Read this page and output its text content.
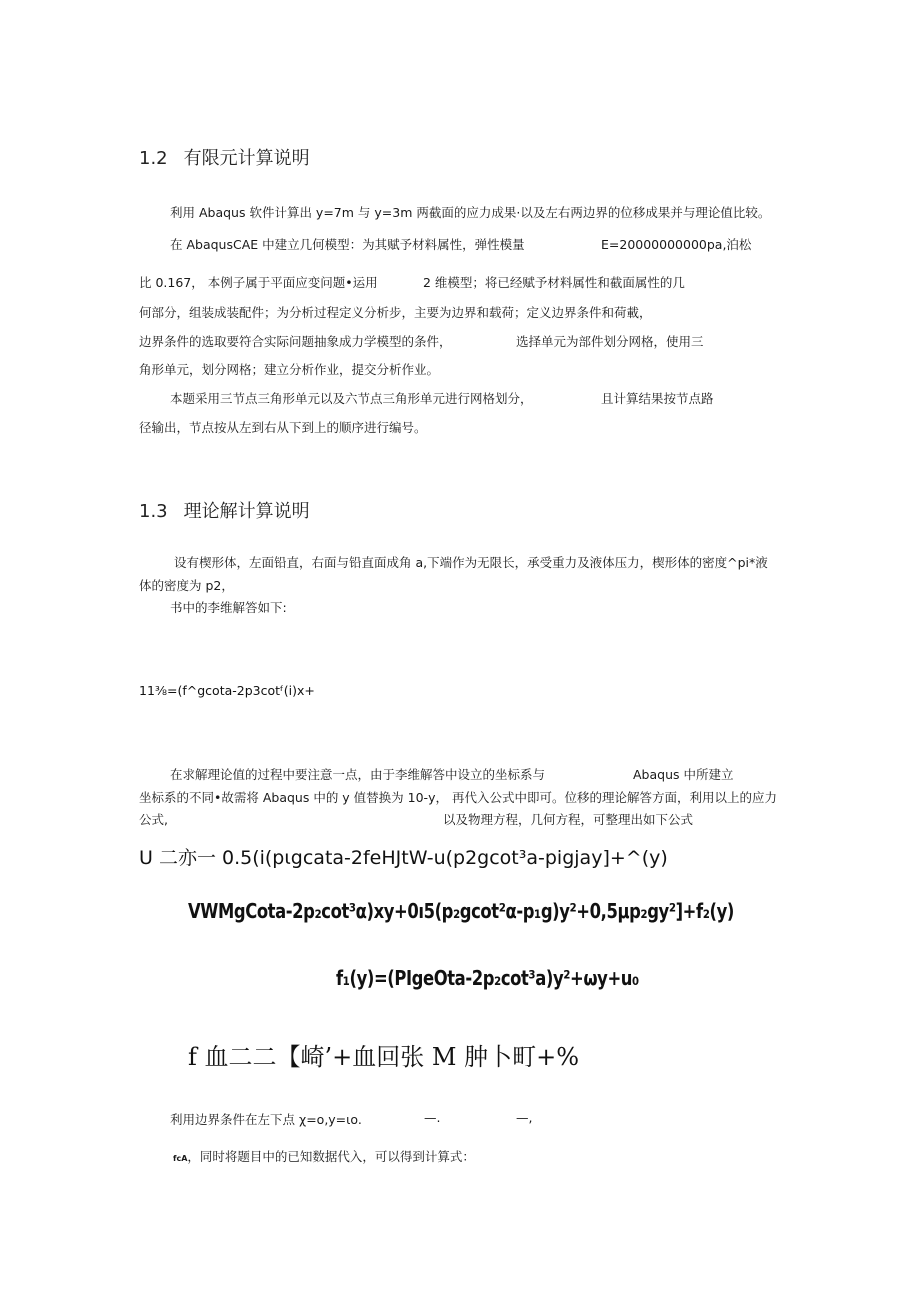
1.2 有限元计算说明
利用 Abaqus 软件计算出 y=7m 与 y=3m 两截面的应力成果·以及左右两边界的位移成果并与理论值比较。
在 AbaqusCAE 中建立几何模型：为其赋予材料属性，弹性模量	E=20000000000pa,泊松
比 0.167， 本例子属于平面应变问题•运用	2 维模型；将已经赋予材料属性和截面属性的几
何部分，组装成装配件；为分析过程定义分析步，主要为边界和载荷；定义边界条件和荷載，
边界条件的选取要符合实际问题抽象成力学模型的条件，	选择单元为部件划分网格，使用三
角形单元，划分网格；建立分析作业，提交分析作业。
本题采用三节点三角形单元以及六节点三角形单元进行网格划分，	且计算结果按节点路
径输出，节点按从左到右从下到上的顺序进行编号。
1.3 理论解计算说明
设有楔形体，左面铅直，右面与铅直面成角 a,下端作为无限长，承受重力及液体压力，楔形体的密度^pi*液
体的密度为 p2，
书中的李维解答如下:
11⅜=(f^gcota-2p3cotᶠ(i)x+
在求解理论值的过程中要注意一点，由于李维解答中设立的坐标系与	Abaqus 中所建立
坐标系的不同•故需将 Abaqus 中的 y 值替换为 10-y， 再代入公式中即可。位移的理论解答方面，利用以上的应力
公式,	以及物理方程，几何方程，可整理出如下公式
U 二亦一 0.5(i(pιgcata-2feHJtW-u(p2gcot³a-pigjay]+^(y)
VWMgCota-2p₂cot³α)xy+0ı5(p₂gcot²α-p₁g)y²+0,5μp₂gy²]+f₂(y)
f₁(y)=(PIgeOta-2p₂cot³a)y²+ωy+u₀
f 血二二【崎’+血回张 M 肿卜町+%
利用边界条件在左下点 χ=o,y=ιo.	—.	—,
fcA，同时将题目中的已知数据代入，可以得到计算式：
